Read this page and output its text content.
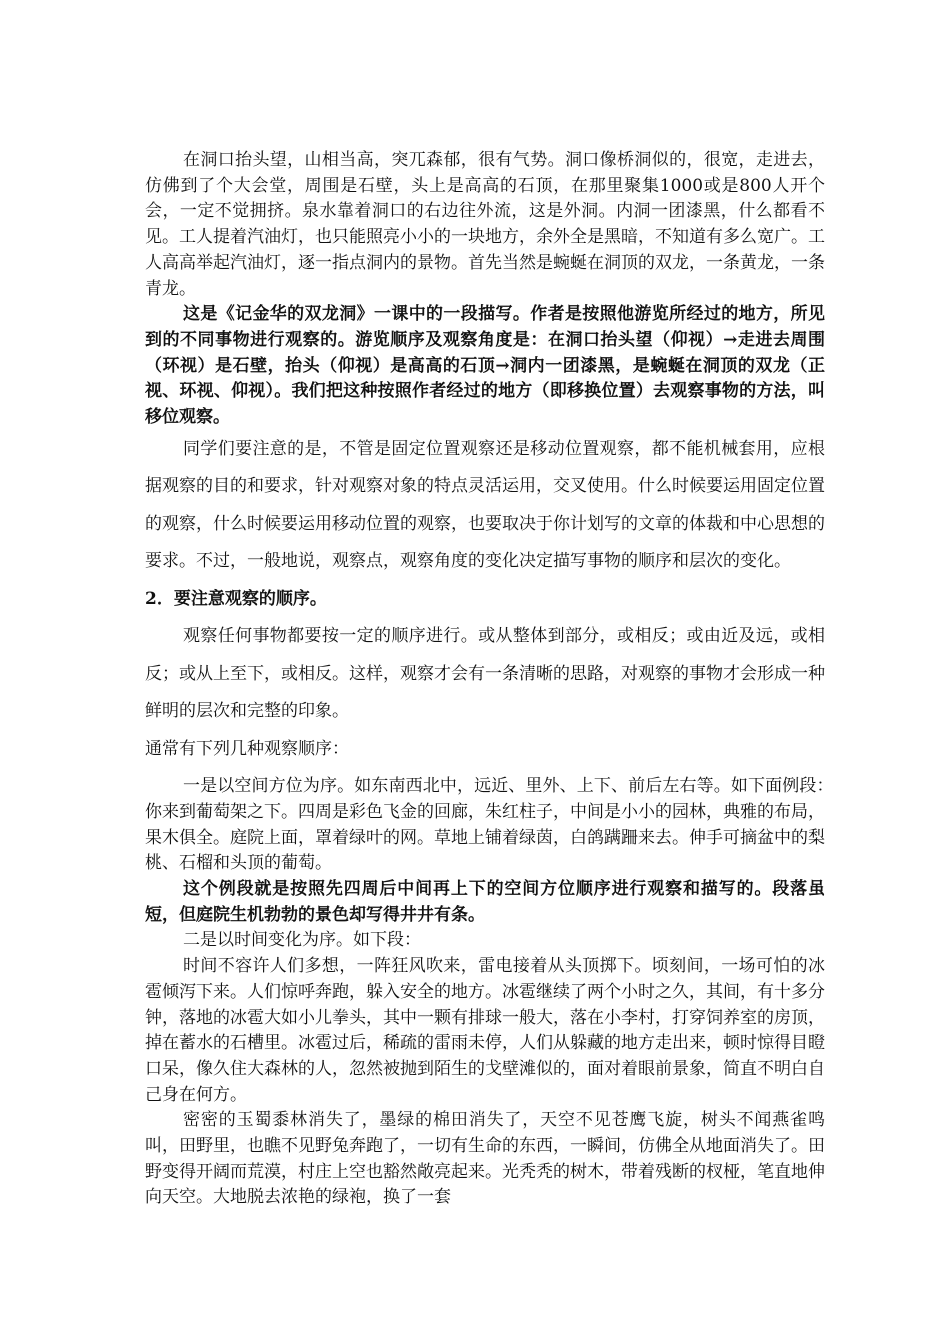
在洞口抬头望，山相当高，突兀森郁，很有气势。洞口像桥洞似的，很宽，走进去，仿佛到了个大会堂，周围是石壁，头上是高高的石顶，在那里聚集1000或是800人开个会，一定不觉拥挤。泉水靠着洞口的右边往外流，这是外洞。内洞一团漆黑，什么都看不见。工人提着汽油灯，也只能照亮小小的一块地方，余外全是黑暗，不知道有多么宽广。工人高高举起汽油灯，逐一指点洞内的景物。首先当然是蜿蜒在洞顶的双龙，一条黄龙，一条青龙。

这是《记金华的双龙洞》一课中的一段描写。作者是按照他游览所经过的地方，所见到的不同事物进行观察的。游览顺序及观察角度是：在洞口抬头望（仰视）→走进去周围（环视）是石壁，抬头（仰视）是高高的石顶→洞内一团漆黑，是蜿蜒在洞顶的双龙（正视、环视、仰视）。我们把这种按照作者经过的地方（即移换位置）去观察事物的方法，叫移位观察。

同学们要注意的是，不管是固定位置观察还是移动位置观察，都不能机械套用，应根据观察的目的和要求，针对观察对象的特点灵活运用，交叉使用。什么时候要运用固定位置的观察，什么时候要运用移动位置的观察，也要取决于你计划写的文章的体裁和中心思想的要求。不过，一般地说，观察点，观察角度的变化决定描写事物的顺序和层次的变化。

2．要注意观察的顺序。

观察任何事物都要按一定的顺序进行。或从整体到部分，或相反；或由近及远，或相反；或从上至下，或相反。这样，观察才会有一条清晰的思路，对观察的事物才会形成一种鲜明的层次和完整的印象。

通常有下列几种观察顺序：

一是以空间方位为序。如东南西北中，远近、里外、上下、前后左右等。如下面例段：　 你来到葡萄架之下。四周是彩色飞金的回廊，朱红柱子，中间是小小的园林，典雅的布局，果木俱全。庭院上面，罩着绿叶的网。草地上铺着绿茵，白鸽蹒跚来去。伸手可摘盆中的梨桃、石榴和头顶的葡萄。

这个例段就是按照先四周后中间再上下的空间方位顺序进行观察和描写的。段落虽短，但庭院生机勃勃的景色却写得井井有条。

二是以时间变化为序。如下段：

时间不容许人们多想，一阵狂风吹来，雷电接着从头顶掷下。顷刻间，一场可怕的冰雹倾泻下来。人们惊呼奔跑，躲入安全的地方。冰雹继续了两个小时之久，其间，有十多分钟，落地的冰雹大如小儿拳头，其中一颗有排球一般大，落在小李村，打穿饲养室的房顶，掉在蓄水的石槽里。冰雹过后，稀疏的雷雨未停，人们从躲藏的地方走出来，顿时惊得目瞪口呆，像久住大森林的人，忽然被抛到陌生的戈壁滩似的，面对着眼前景象，简直不明白自己身在何方。

密密的玉蜀黍林消失了，墨绿的棉田消失了，天空不见苍鹰飞旋，树头不闻燕雀鸣叫，田野里，也瞧不见野兔奔跑了，一切有生命的东西，一瞬间，仿佛全从地面消失了。田野变得开阔而荒漠，村庄上空也豁然敞亮起来。光秃秃的树木，带着残断的杈桠，笔直地伸向天空。大地脱去浓艳的绿袍，换了一套
